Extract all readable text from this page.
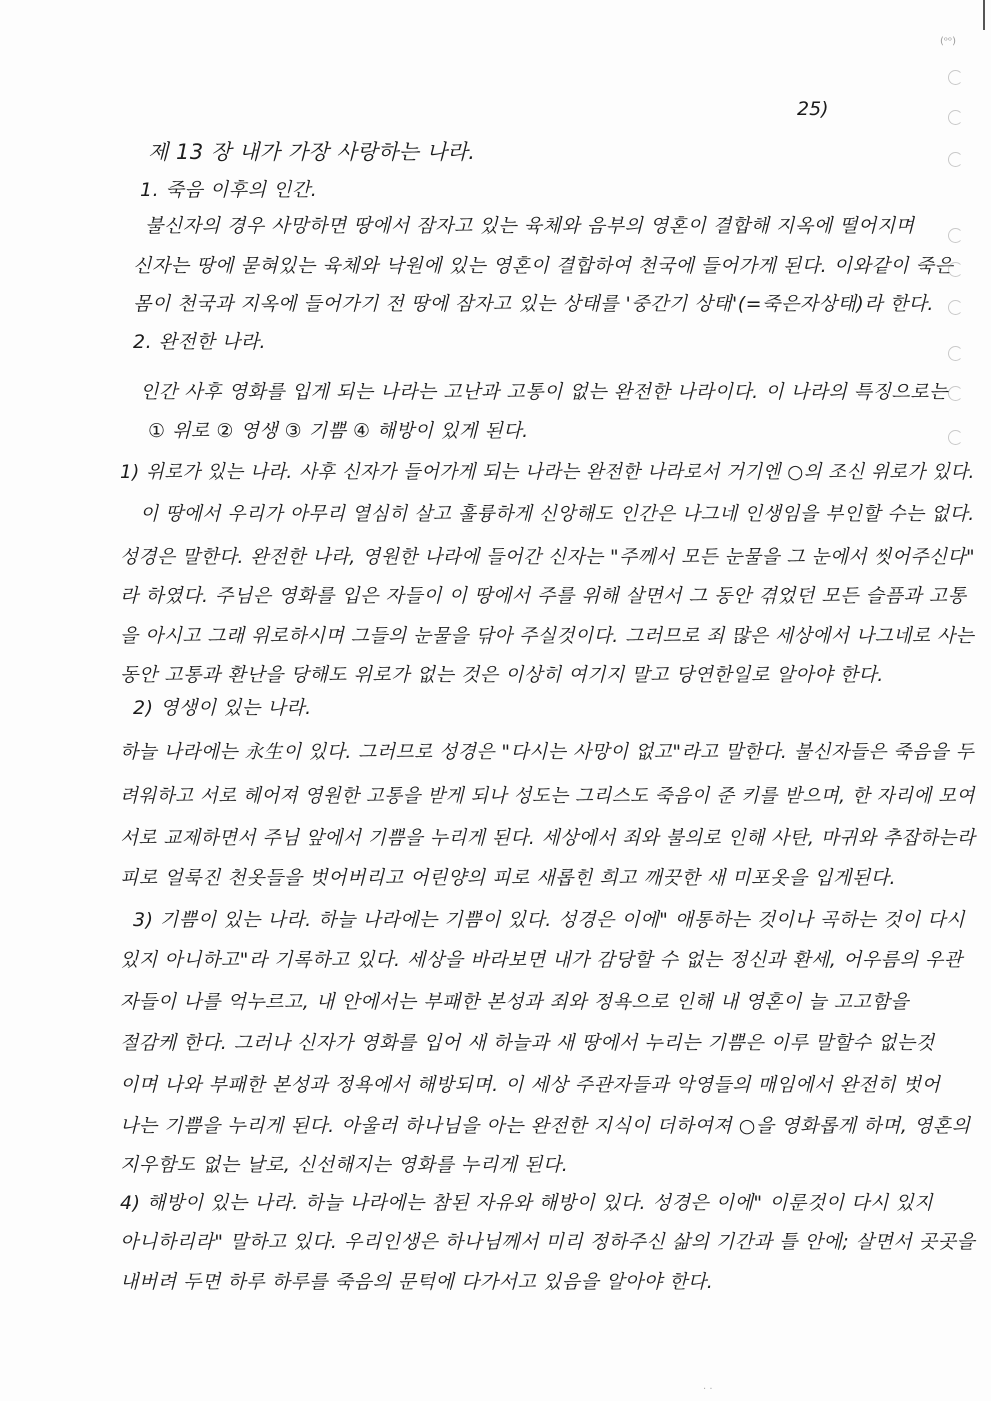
(ᵒᵒ)
25)
제 13 장 내가 가장 사랑하는 나라.
1. 죽음 이후의 인간.
불신자의 경우 사망하면 땅에서 잠자고 있는 육체와 음부의 영혼이 결합해 지옥에 떨어지며
신자는 땅에 묻혀있는 육체와 낙원에 있는 영혼이 결합하여 천국에 들어가게 된다. 이와같이 죽은
몸이 천국과 지옥에 들어가기 전 땅에 잠자고 있는 상태를 '중간기 상태'(=죽은자상태)라 한다.
2. 완전한 나라.
인간 사후 영화를 입게 되는 나라는 고난과 고통이 없는 완전한 나라이다. 이 나라의 특징으로는
① 위로 ② 영생 ③ 기쁨 ④ 해방이 있게 된다.
1) 위로가 있는 나라. 사후 신자가 들어가게 되는 나라는 완전한 나라로서 거기엔 ○의 조신 위로가 있다.
이 땅에서 우리가 아무리 열심히 살고 훌륭하게 신앙해도 인간은 나그네 인생임을 부인할 수는 없다.
성경은 말한다. 완전한 나라, 영원한 나라에 들어간 신자는 "주께서 모든 눈물을 그 눈에서 씻어주신다"
라 하였다. 주님은 영화를 입은 자들이 이 땅에서 주를 위해 살면서 그 동안 겪었던 모든 슬픔과 고통
을 아시고 그래 위로하시며 그들의 눈물을 닦아 주실것이다. 그러므로 죄 많은 세상에서 나그네로 사는
동안 고통과 환난을 당해도 위로가 없는 것은 이상히 여기지 말고 당연한일로 알아야 한다.
2) 영생이 있는 나라.
하늘 나라에는 永生이 있다. 그러므로 성경은 "다시는 사망이 없고"라고 말한다. 불신자들은 죽음을 두
려워하고 서로 헤어져 영원한 고통을 받게 되나 성도는 그리스도 죽음이 준 키를 받으며, 한 자리에 모여
서로 교제하면서 주님 앞에서 기쁨을 누리게 된다. 세상에서 죄와 불의로 인해 사탄, 마귀와 추잡하는라
피로 얼룩진 천옷들을 벗어버리고 어린양의 피로 새롭힌 희고 깨끗한 새 미포옷을 입게된다.
3) 기쁨이 있는 나라. 하늘 나라에는 기쁨이 있다. 성경은 이에" 애통하는 것이나 곡하는 것이 다시
있지 아니하고"라 기록하고 있다. 세상을 바라보면 내가 감당할 수 없는 정신과 환세, 어우름의 우관
자들이 나를 억누르고, 내 안에서는 부패한 본성과 죄와 정욕으로 인해 내 영혼이 늘 고고함을
절감케 한다. 그러나 신자가 영화를 입어 새 하늘과 새 땅에서 누리는 기쁨은 이루 말할수 없는것
이며 나와 부패한 본성과 정욕에서 해방되며. 이 세상 주관자들과 악영들의 매임에서 완전히 벗어
나는 기쁨을 누리게 된다. 아울러 하나님을 아는 완전한 지식이 더하여져 ○을 영화롭게 하며, 영혼의
지우함도 없는 날로, 신선해지는 영화를 누리게 된다.
4) 해방이 있는 나라. 하늘 나라에는 참된 자유와 해방이 있다. 성경은 이에" 이룬것이 다시 있지
아니하리라" 말하고 있다. 우리인생은 하나님께서 미리 정하주신 삶의 기간과 틀 안에; 살면서 곳곳을
내버려 두면 하루 하루를 죽음의 문턱에 다가서고 있음을 알아야 한다.
· ·
